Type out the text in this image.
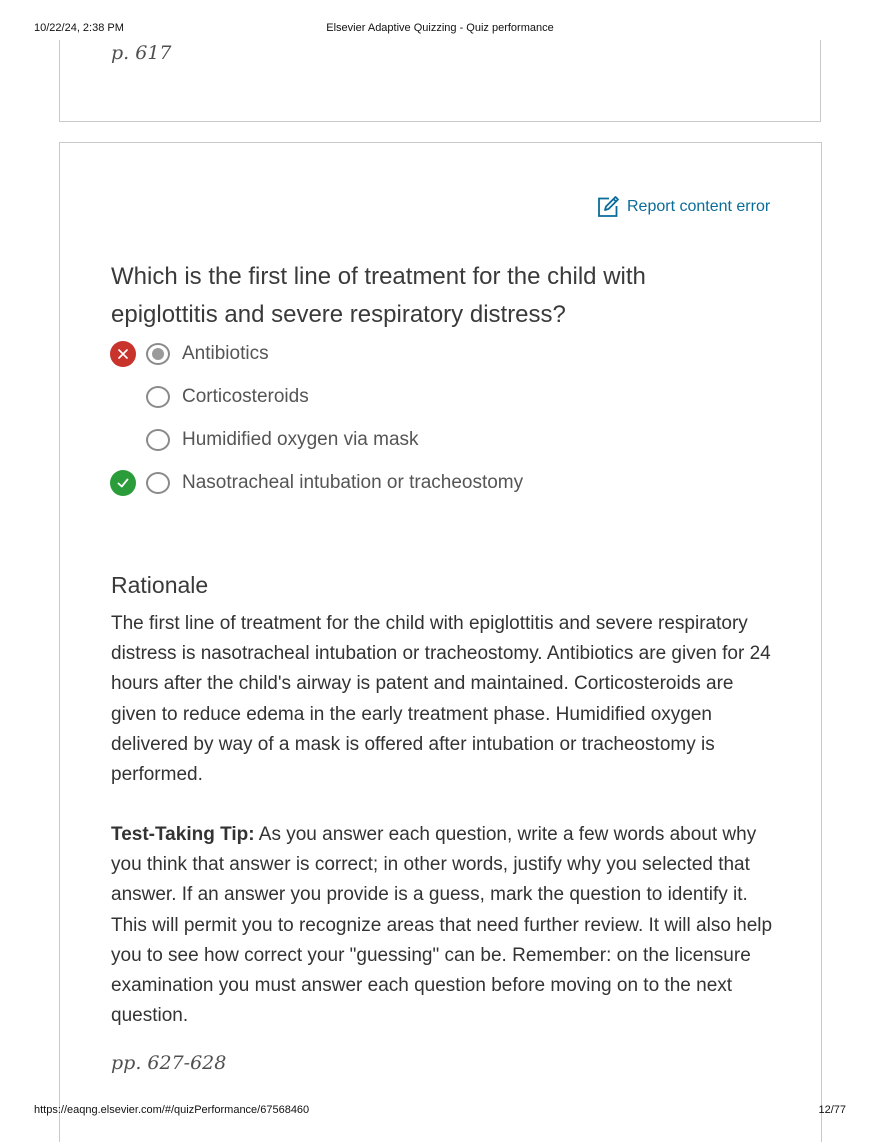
10/22/24, 2:38 PM	Elsevier Adaptive Quizzing - Quiz performance
p. 617
Report content error
Which is the first line of treatment for the child with epiglottitis and severe respiratory distress?
Antibiotics
Corticosteroids
Humidified oxygen via mask
Nasotracheal intubation or tracheostomy
Rationale

The first line of treatment for the child with epiglottitis and severe respiratory distress is nasotracheal intubation or tracheostomy. Antibiotics are given for 24 hours after the child's airway is patent and maintained. Corticosteroids are given to reduce edema in the early treatment phase. Humidified oxygen delivered by way of a mask is offered after intubation or tracheostomy is performed.

Test-Taking Tip: As you answer each question, write a few words about why you think that answer is correct; in other words, justify why you selected that answer. If an answer you provide is a guess, mark the question to identify it. This will permit you to recognize areas that need further review. It will also help you to see how correct your "guessing" can be. Remember: on the licensure examination you must answer each question before moving on to the next question.

pp. 627-628
https://eaqng.elsevier.com/#/quizPerformance/67568460	12/77
